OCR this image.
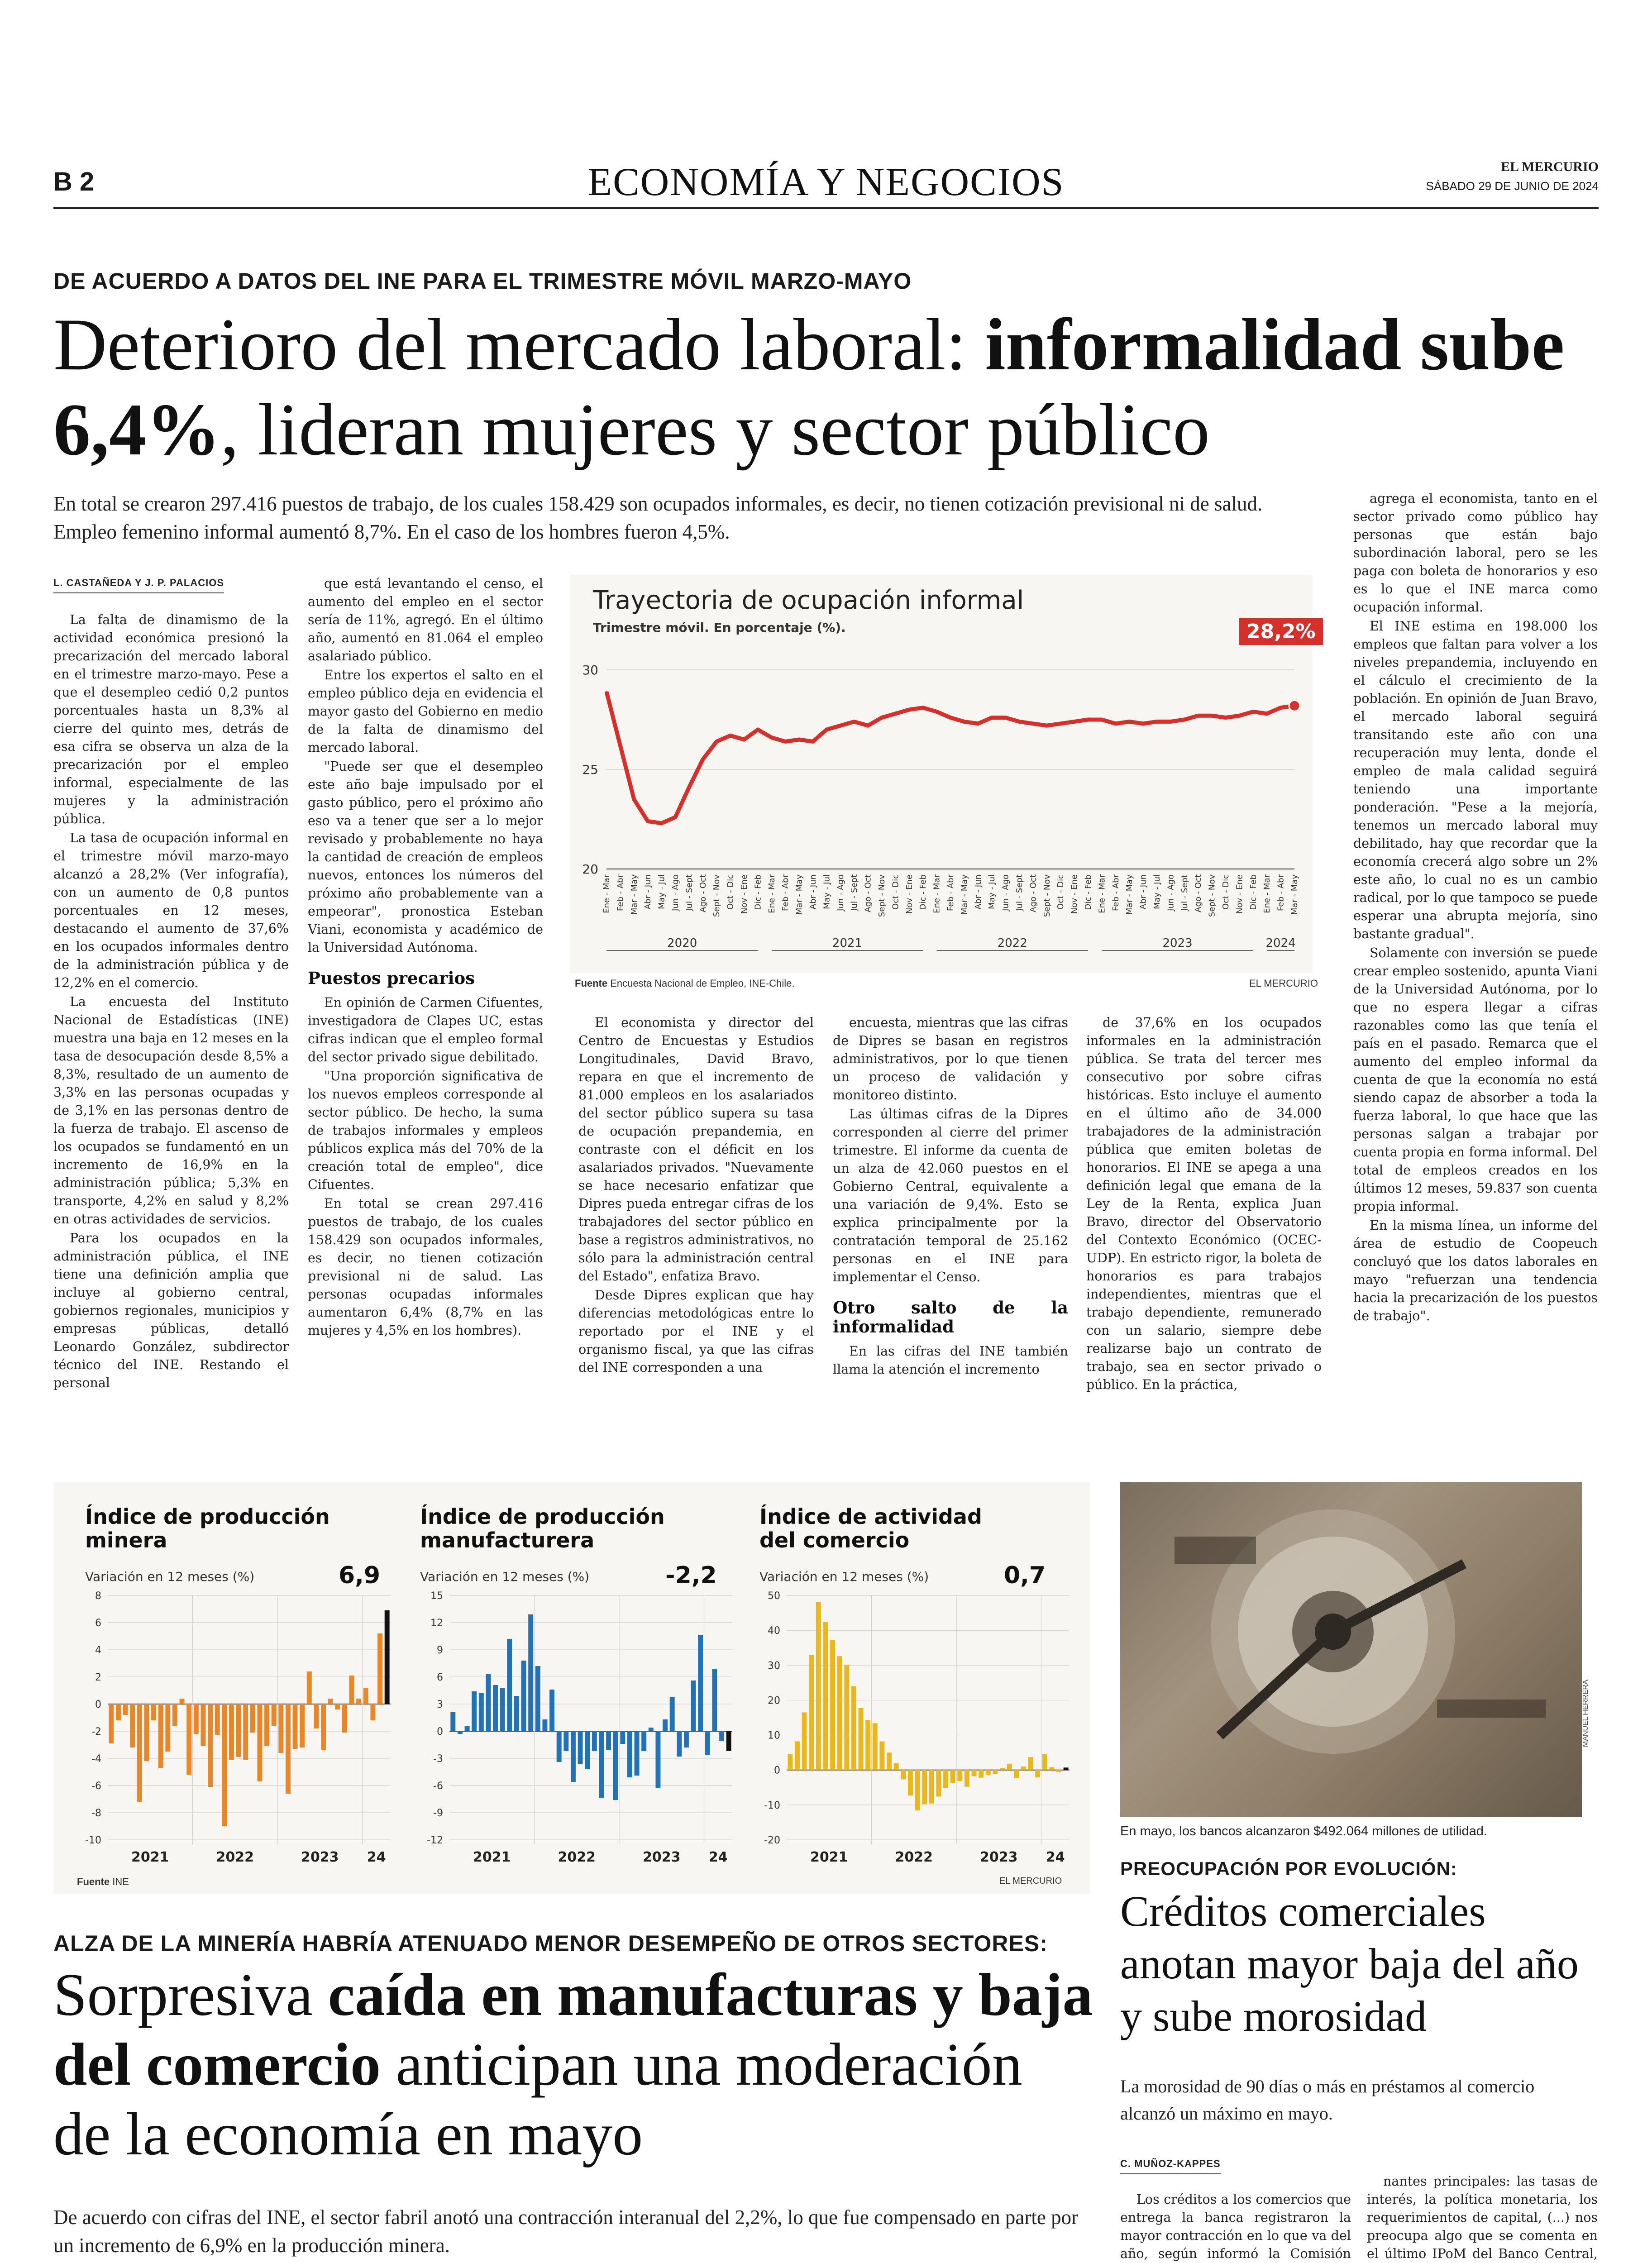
B 2	ECONOMÍA Y NEGOCIOS	EL MERCURIO
SÁBADO 29 DE JUNIO DE 2024
DE ACUERDO A DATOS DEL INE PARA EL TRIMESTRE MÓVIL MARZO-MAYO
Deterioro del mercado laboral: informalidad sube 6,4%, lideran mujeres y sector público
En total se crearon 297.416 puestos de trabajo, de los cuales 158.429 son ocupados informales, es decir, no tienen cotización previsional ni de salud. Empleo femenino informal aumentó 8,7%. En el caso de los hombres fueron 4,5%.
L. CASTAÑEDA Y J. P. PALACIOS

La falta de dinamismo de la actividad económica presionó la precarización del mercado laboral en el trimestre marzo-mayo. Pese a que el desempleo cedió 0,2 puntos porcentuales hasta un 8,3% al cierre del quinto mes, detrás de esa cifra se observa un alza de la precarización por el empleo informal, especialmente de las mujeres y la administración pública.

La tasa de ocupación informal en el trimestre móvil marzo-mayo alcanzó a 28,2% (Ver infografía), con un aumento de 0,8 puntos porcentuales en 12 meses, destacando el aumento de 37,6% en los ocupados informales dentro de la administración pública y de 12,2% en el comercio.

La encuesta del Instituto Nacional de Estadísticas (INE) muestra una baja en 12 meses en la tasa de desocupación desde 8,5% a 8,3%, resultado de un aumento de 3,3% en las personas ocupadas y de 3,1% en las personas dentro de la fuerza de trabajo. El ascenso de los ocupados se fundamentó en un incremento de 16,9% en la administración pública; 5,3% en transporte, 4,2% en salud y 8,2% en otras actividades de servicios.

Para los ocupados en la administración pública, el INE tiene una definición amplia que incluye al gobierno central, gobiernos regionales, municipios y empresas públicas, detalló Leonardo González, subdirector técnico del INE. Restando el personal

que está levantando el censo, el aumento del empleo en el sector sería de 11%, agregó. En el último año, aumentó en 81.064 el empleo asalariado público.

Entre los expertos el salto en el empleo público deja en evidencia el mayor gasto del Gobierno en medio de la falta de dinamismo del mercado laboral.

"Puede ser que el desempleo este año baje impulsado por el gasto público, pero el próximo año eso va a tener que ser a lo mejor revisado y probablemente no haya la cantidad de creación de empleos nuevos, entonces los números del próximo año probablemente van a empeorar", pronostica Esteban Viani, economista y académico de la Universidad Autónoma.

Puestos precarios

En opinión de Carmen Cifuentes, investigadora de Clapes UC, estas cifras indican que el empleo formal del sector privado sigue debilitado.

"Una proporción significativa de los nuevos empleos corresponde al sector público. De hecho, la suma de trabajos informales y empleos públicos explica más del 70% de la creación total de empleo", dice Cifuentes.

En total se crean 297.416 puestos de trabajo, de los cuales 158.429 son ocupados informales, es decir, no tienen cotización previsional ni de salud. Las personas ocupadas informales aumentaron 6,4% (8,7% en las mujeres y 4,5% en los hombres).

Trayectoria de ocupación informal
Trimestre móvil. En porcentaje (%).	28,2%
20
25
30
Ene - Mar Feb - Abr Mar - May Abr - Jun May - Jul Jun - Ago Jul - Sept Ago - Oct Sept - Nov Oct - Dic Nov - Ene Dic - Feb Ene - Mar Feb - Abr Mar - May Abr - Jun May - Jul Jun - Ago Jul - Sept Ago - Oct Sept - Nov Oct - Dic Nov - Ene Dic - Feb Ene - Mar Feb - Abr Mar - May Abr - Jun May - Jul Jun - Ago Jul - Sept Ago - Oct Sept - Nov Oct - Dic Nov - Ene Dic - Feb Ene - Mar Feb - Abr Mar - May Abr - Jun May - Jul Jun - Ago Jul - Sept Ago - Oct Sept - Nov Oct - Dic Nov - Ene Dic - Feb Ene - Mar Feb - Abr Mar - May
2020	2021	2022	2023	2024
Fuente Encuesta Nacional de Empleo, INE-Chile.	EL MERCURIO

El economista y director del Centro de Encuestas y Estudios Longitudinales, David Bravo, repara en que el incremento de 81.000 empleos en los asalariados del sector público supera su tasa de ocupación prepandemia, en contraste con el déficit en los asalariados privados. "Nuevamente se hace necesario enfatizar que Dipres pueda entregar cifras de los trabajadores del sector público en base a registros administrativos, no sólo para la administración central del Estado", enfatiza Bravo.

Desde Dipres explican que hay diferencias metodológicas entre lo reportado por el INE y el organismo fiscal, ya que las cifras del INE corresponden a una

encuesta, mientras que las cifras de Dipres se basan en registros administrativos, por lo que tienen un proceso de validación y monitoreo distinto.

Las últimas cifras de la Dipres corresponden al cierre del primer trimestre. El informe da cuenta de un alza de 42.060 puestos en el Gobierno Central, equivalente a una variación de 9,4%. Esto se explica principalmente por la contratación temporal de 25.162 personas en el INE para implementar el Censo.

Otro salto de la informalidad

En las cifras del INE también llama la atención el incremento

de 37,6% en los ocupados informales en la administración pública. Se trata del tercer mes consecutivo por sobre cifras históricas. Esto incluye el aumento en el último año de 34.000 trabajadores de la administración pública que emiten boletas de honorarios. El INE se apega a una definición legal que emana de la Ley de la Renta, explica Juan Bravo, director del Observatorio del Contexto Económico (OCEC-UDP). En estricto rigor, la boleta de honorarios es para trabajos independientes, mientras que el trabajo dependiente, remunerado con un salario, siempre debe realizarse bajo un contrato de trabajo, sea en sector privado o público. En la práctica,

agrega el economista, tanto en el sector privado como público hay personas que están bajo subordinación laboral, pero se les paga con boleta de honorarios y eso es lo que el INE marca como ocupación informal.

El INE estima en 198.000 los empleos que faltan para volver a los niveles prepandemia, incluyendo en el cálculo el crecimiento de la población. En opinión de Juan Bravo, el mercado laboral seguirá transitando este año con una recuperación muy lenta, donde el empleo de mala calidad seguirá teniendo una importante ponderación. "Pese a la mejoría, tenemos un mercado laboral muy debilitado, hay que recordar que la economía crecerá algo sobre un 2% este año, lo cual no es un cambio radical, por lo que tampoco se puede esperar una abrupta mejoría, sino bastante gradual".

Solamente con inversión se puede crear empleo sostenido, apunta Viani de la Universidad Autónoma, por lo que no espera llegar a cifras razonables como las que tenía el país en el pasado. Remarca que el aumento del empleo informal da cuenta de que la economía no está siendo capaz de absorber a toda la fuerza laboral, lo que hace que las personas salgan a trabajar por cuenta propia en forma informal. Del total de empleos creados en los últimos 12 meses, 59.837 son cuenta propia informal.

En la misma línea, un informe del área de estudio de Coopeuch concluyó que los datos laborales en mayo "refuerzan una tendencia hacia la precarización de los puestos de trabajo".

Índice de producción minera
Variación en 12 meses (%)	6,9
Índice de producción manufacturera
Variación en 12 meses (%)	-2,2
Índice de actividad del comercio
Variación en 12 meses (%)	0,7
8
6
4
2
0
-2
-4
-6
-8
-10
2021	2022	2023 24
15
12
9
6
3
0
-3
-6
-9
-12
2021	2022	2023 24
50
40
30
20
10
0
-10
-20
2021	2022	2023 24
Fuente INE	EL MERCURIO
MANUEL HERRERA
En mayo, los bancos alcanzaron $492.064 millones de utilidad.
ALZA DE LA MINERÍA HABRÍA ATENUADO MENOR DESEMPEÑO DE OTROS SECTORES:
Sorpresiva caída en manufacturas y baja del comercio anticipan una moderación de la economía en mayo
De acuerdo con cifras del INE, el sector fabril anotó una contracción interanual del 2,2%, lo que fue compensado en parte por un incremento de 6,9% en la producción minera.

PREOCUPACIÓN POR EVOLUCIÓN:
Créditos comerciales anotan mayor baja del año y sube morosidad
La morosidad de 90 días o más en préstamos al comercio alcanzó un máximo en mayo.
C. MUÑOZ-KAPPES

Los créditos a los comercios que entrega la banca registraron la mayor contracción en lo que va del año, según informó la Comisión

nantes principales: las tasas de interés, la política monetaria, los requerimientos de capital, (...) nos preocupa algo que se comenta en el último IPoM del Banco Central,
